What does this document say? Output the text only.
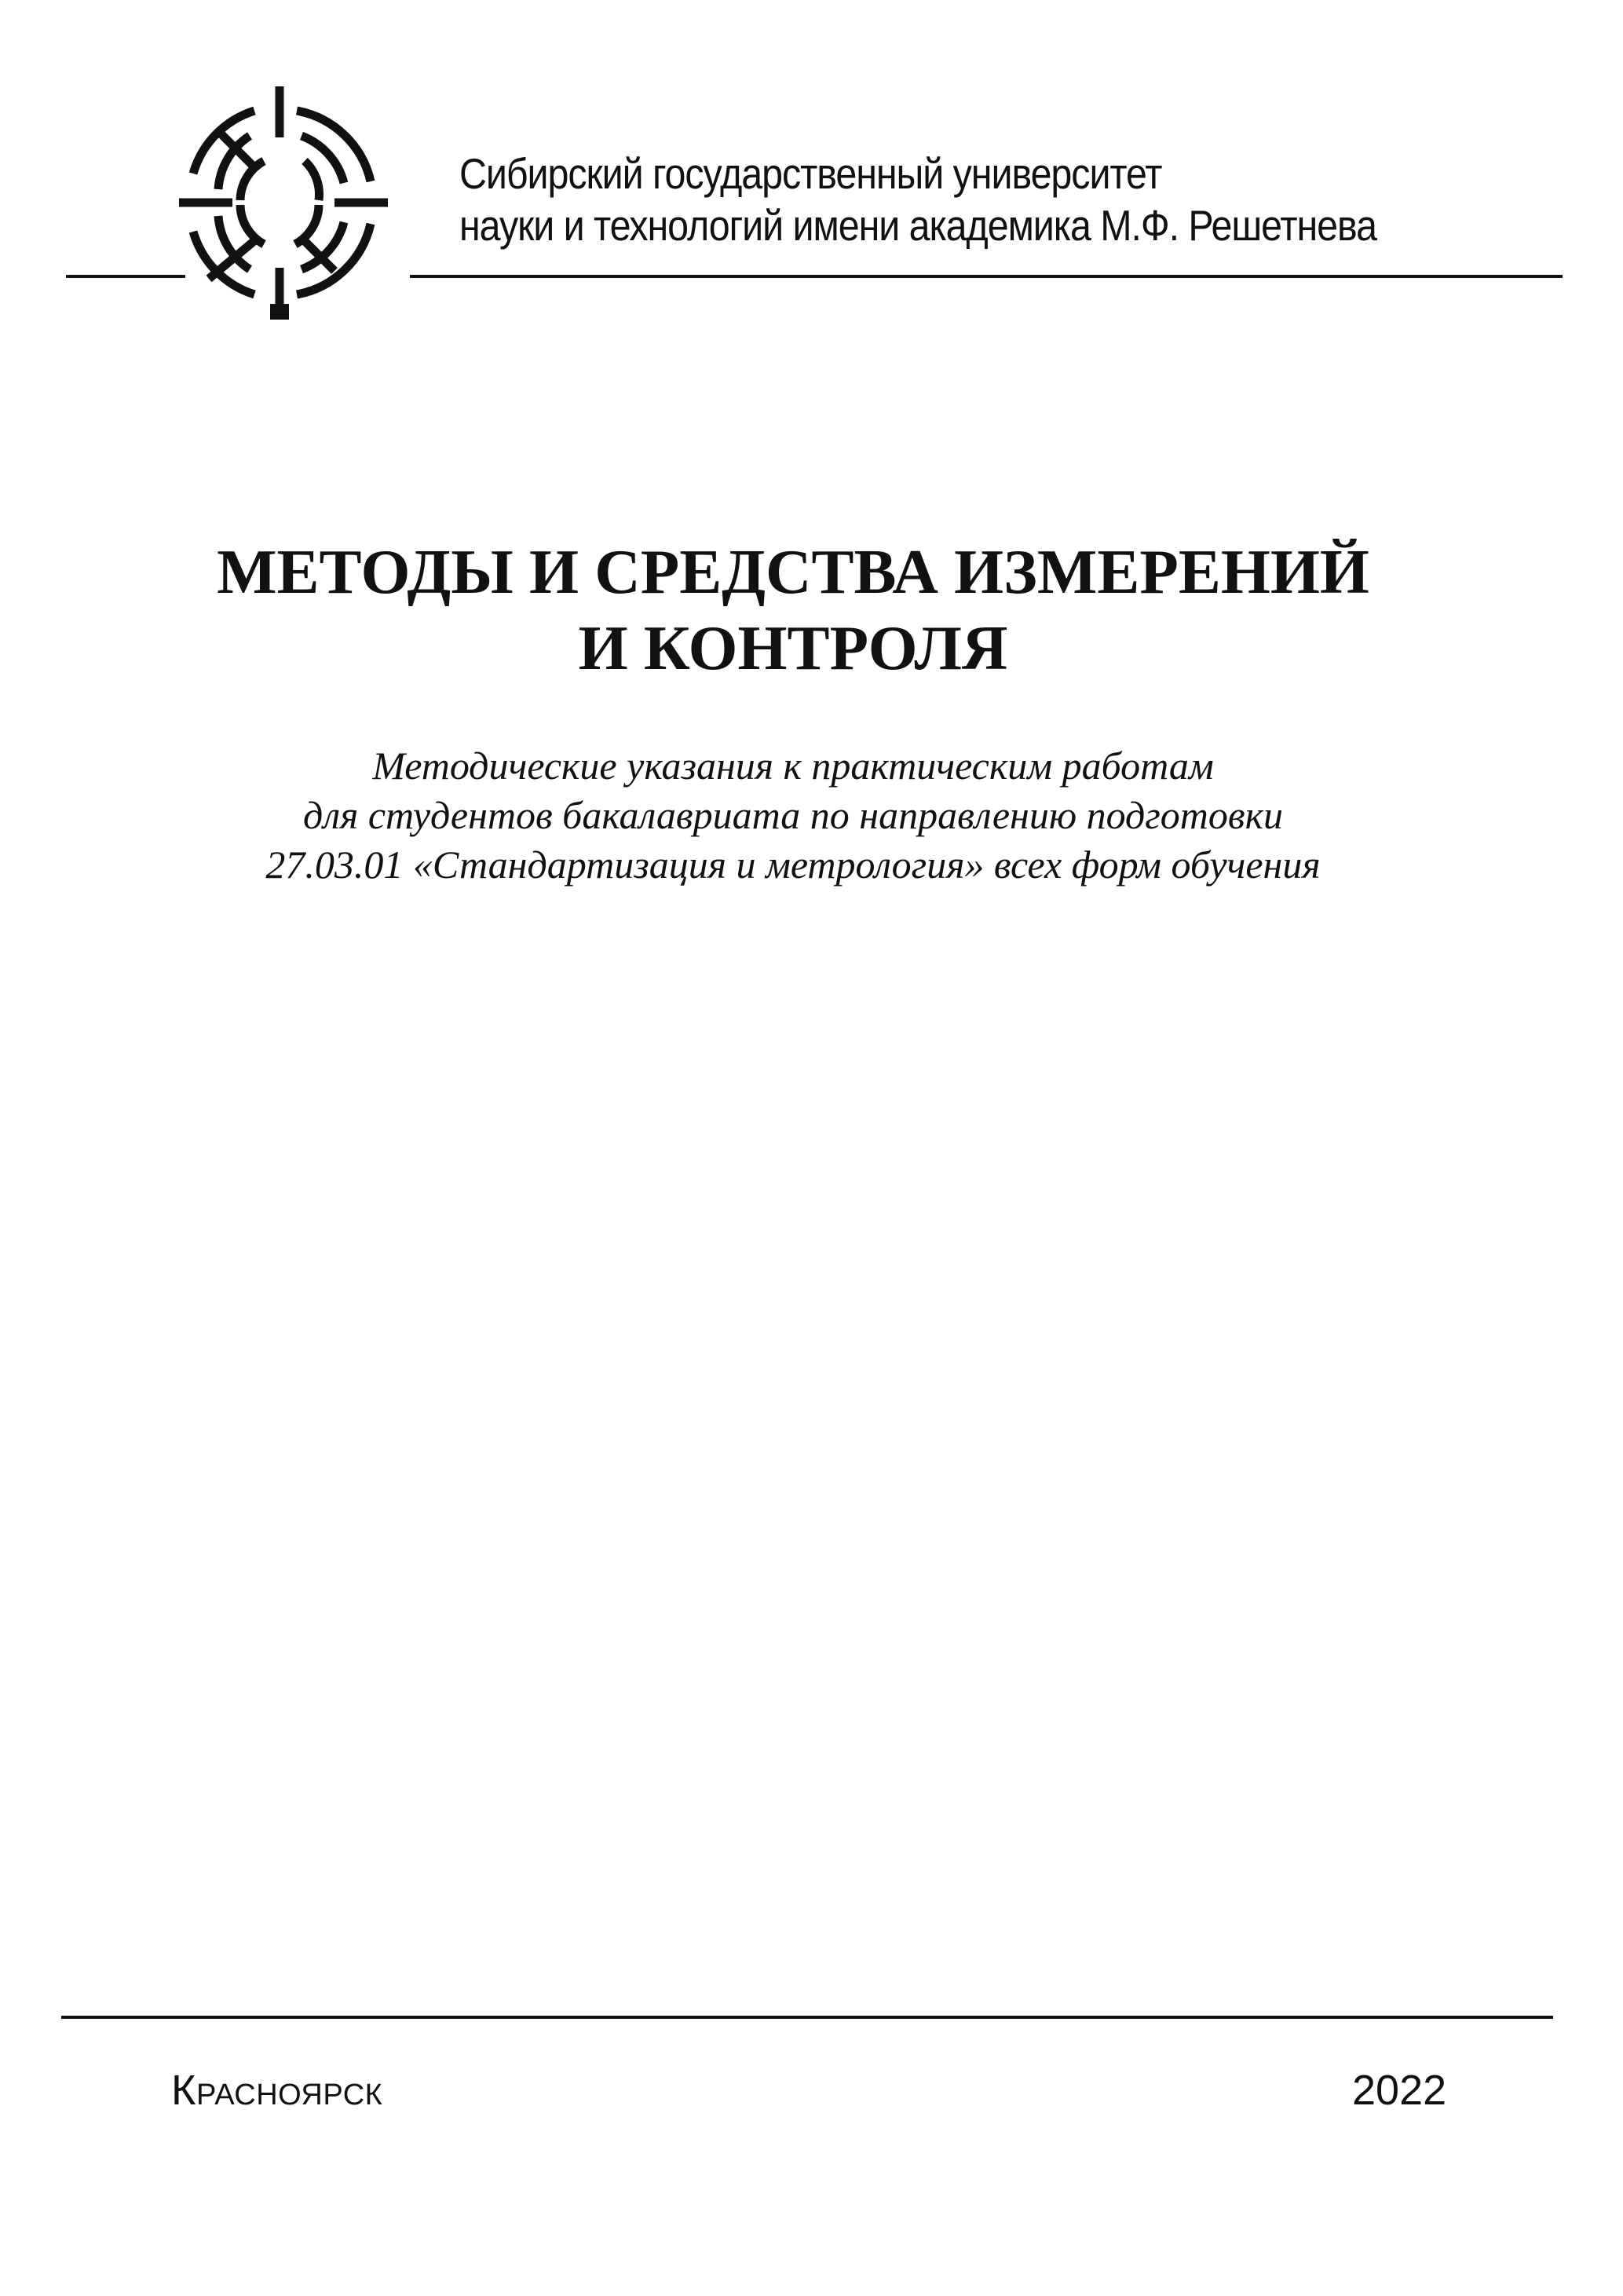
Сибирский государственный университет
науки и технологий имени академика М.Ф. Решетнева
МЕТОДЫ И СРЕДСТВА ИЗМЕРЕНИЙ
И КОНТРОЛЯ
Методические указания к практическим работам
для студентов бакалавриата по направлению подготовки
27.03.01 «Стандартизация и метрология» всех форм обучения
Красноярск	2022
